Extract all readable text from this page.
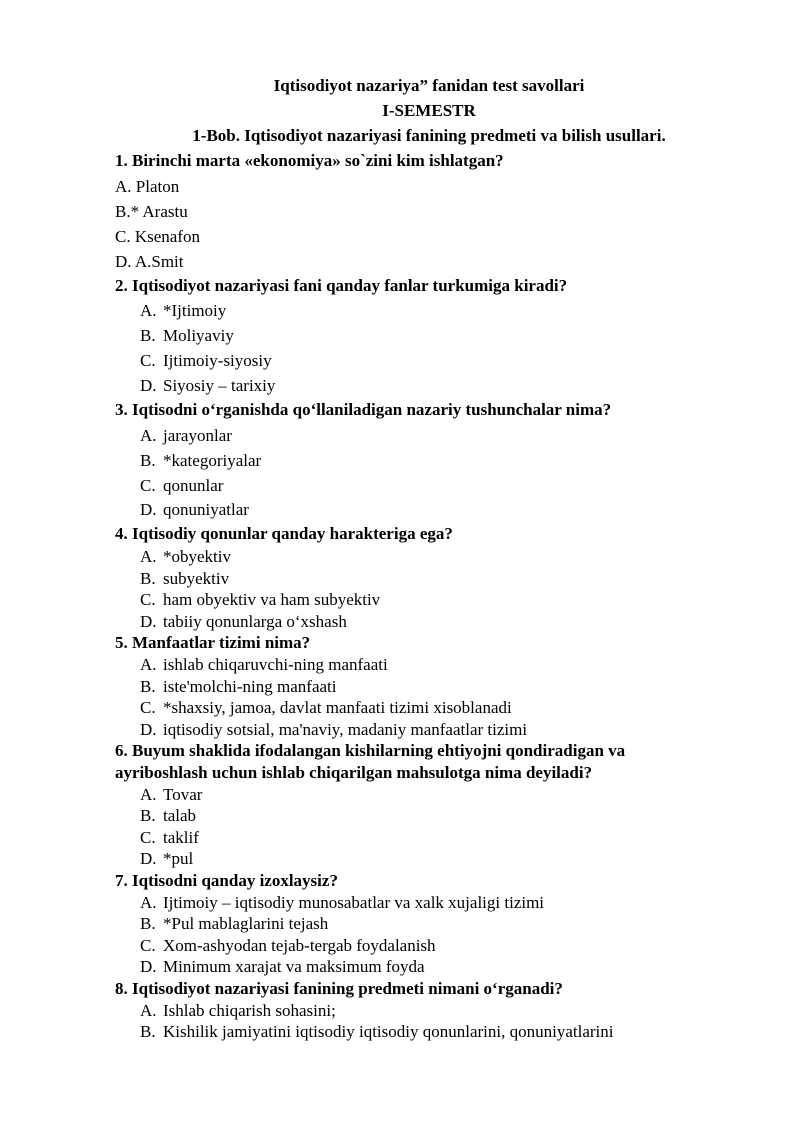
Iqtisodiyot nazariya” fanidan test savollari
I-SEMESTR
1-Bob. Iqtisodiyot nazariyasi fanining predmeti va bilish usullari.
1. Birinchi marta «ekonomiya» so`zini kim ishlatgan?
A. Platon
B.* Arastu
C. Ksenafon
D. A.Smit
2. Iqtisodiyot nazariyasi fani qanday fanlar turkumiga kiradi?
A. *Ijtimoiy
B. Moliyaviy
C. Ijtimoiy-siyosiy
D. Siyosiy – tarixiy
3. Iqtisodni o‘rganishda qo‘llaniladigan nazariy tushunchalar nima?
A. jarayonlar
B. *kategoriyalar
C. qonunlar
D. qonuniyatlar
4. Iqtisodiy qonunlar qanday harakteriga ega?
A. *obyektiv
B. subyektiv
C. ham obyektiv va ham subyektiv
D. tabiiy qonunlarga o‘xshash
5. Manfaatlar tizimi nima?
A. ishlab chiqaruvchi-ning manfaati
B. iste'molchi-ning manfaati
C. *shaxsiy, jamoa, davlat manfaati tizimi xisoblanadi
D. iqtisodiy sotsial, ma'naviy, madaniy manfaatlar tizimi
6. Buyum shaklida ifodalangan kishilarning ehtiyojni qondiradigan va
ayriboshlash uchun ishlab chiqarilgan mahsulotga nima deyiladi?
A. Tovar
B. talab
C. taklif
D. *pul
7. Iqtisodni qanday izoxlaysiz?
A. Ijtimoiy – iqtisodiy munosabatlar va xalk xujaligi tizimi
B. *Pul mablaglarini tejash
C. Xom-ashyodan tejab-tergab foydalanish
D. Minimum xarajat va maksimum foyda
8. Iqtisodiyot nazariyasi fanining predmeti nimani o‘rganadi?
A. Ishlab chiqarish sohasini;
B. Kishilik jamiyatini iqtisodiy iqtisodiy qonunlarini, qonuniyatlarini
